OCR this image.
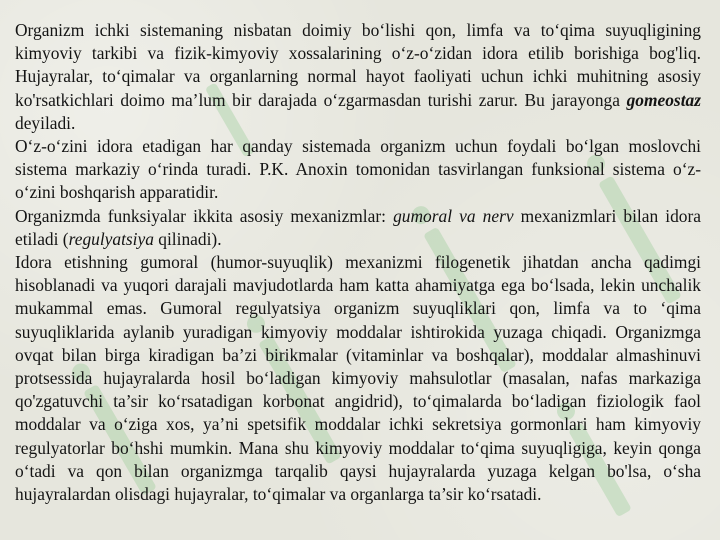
Organizm ichki sistemaning nisbatan doimiy bo‘lishi qon, limfa va to‘qima suyuqligining kimyoviy tarkibi va fizik-kimyoviy xossalarining o‘z-o‘zidan idora etilib borishiga bog'liq. Hujayralar, to‘qimalar va organlarning normal hayot faoliyati uchun ichki muhitning asosiy ko'rsatkichlari doimo ma’lum bir darajada o‘zgarmasdan turishi zarur. Bu jarayonga gomeostaz deyiladi.

O‘z-o‘zini idora etadigan har qanday sistemada organizm uchun foydali bo‘lgan moslovchi sistema markaziy o‘rinda turadi. P.K. Anoxin tomonidan tasvirlangan funksional sistema o‘z-o‘zini boshqarish apparatidir.

Organizmda funksiyalar ikkita asosiy mexanizmlar: gumoral va nerv mexanizmlari bilan idora etiladi (regulyatsiya qilinadi).

Idora etishning gumoral (humor-suyuqlik) mexanizmi filogenetik jihatdan ancha qadimgi hisoblanadi va yuqori darajali mavjudotlarda ham katta ahamiyatga ega bo‘lsada, lekin unchalik mukammal emas. Gumoral regulyatsiya organizm suyuqliklari qon, limfa va to ‘qima suyuqliklarida aylanib yuradigan kimyoviy moddalar ishtirokida yuzaga chiqadi. Organizmga ovqat bilan birga kiradigan ba’zi birikmalar (vitaminlar va boshqalar), moddalar almashinuvi protsessida hujayralarda hosil bo‘ladigan kimyoviy mahsulotlar (masalan, nafas markaziga qo'zgatuvchi ta’sir ko‘rsatadigan korbonat angidrid), to‘qimalarda bo‘ladigan fiziologik faol moddalar va o‘ziga xos, ya’ni spetsifik moddalar ichki sekretsiya gormonlari ham kimyoviy regulyatorlar bo‘hshi mumkin. Mana shu kimyoviy moddalar to‘qima suyuqligiga, keyin qonga o‘tadi va qon bilan organizmga tarqalib qaysi hujayralarda yuzaga kelgan bo'lsa, o‘sha hujayralardan olisdagi hujayralar, to‘qimalar va organlarga ta’sir ko‘rsatadi.
